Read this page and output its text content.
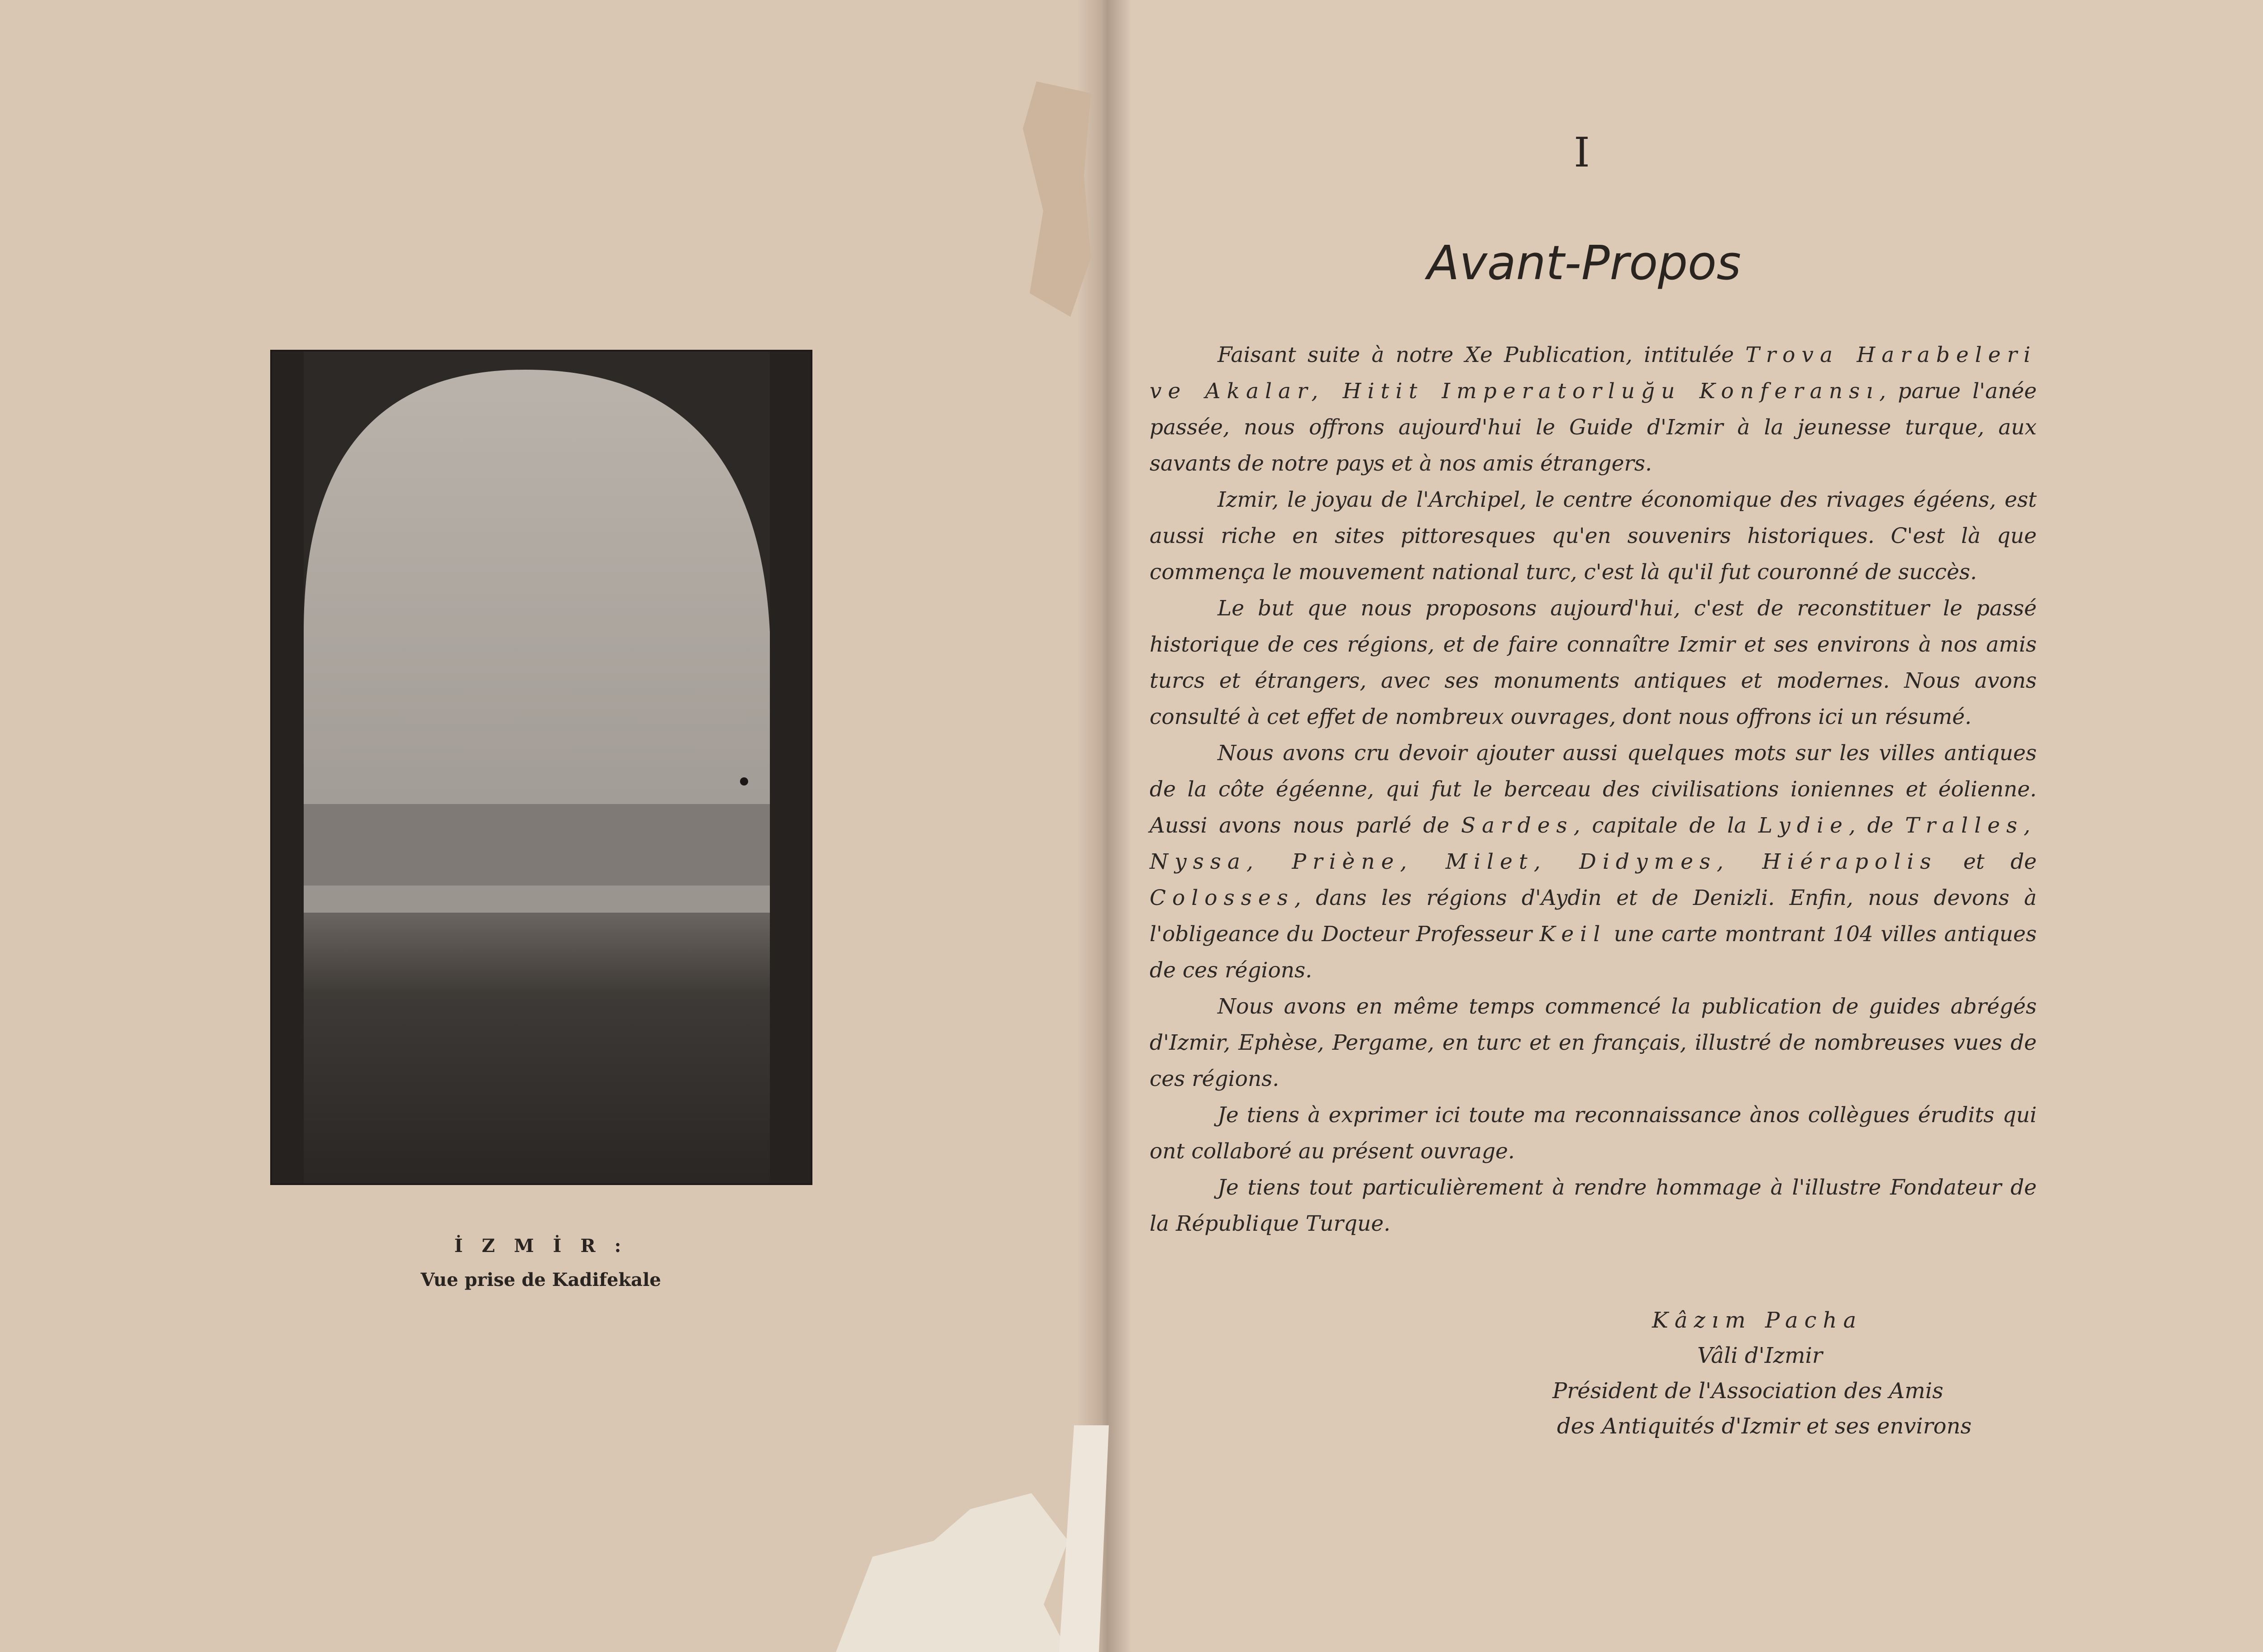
İ Z M İ R :
Vue prise de Kadifekale
I
Avant-Propos

Faisant suite à notre Xe Publication, intitulée Trova Harabeleri ve Akalar, Hitit Imperatorluğu Konferansı, parue l'anée passée, nous offrons aujourd'hui le Guide d'Izmir à la jeunesse turque, aux savants de notre pays et à nos amis étrangers.

Izmir, le joyau de l'Archipel, le centre économique des rivages égéens, est aussi riche en sites pittoresques qu'en souvenirs historiques. C'est là que commença le mouvement national turc, c'est là qu'il fut couronné de succès.

Le but que nous proposons aujourd'hui, c'est de reconstituer le passé historique de ces régions, et de faire connaître Izmir et ses environs à nos amis turcs et étrangers, avec ses monuments antiques et modernes. Nous avons consulté à cet effet de nombreux ouvrages, dont nous offrons ici un résumé.

Nous avons cru devoir ajouter aussi quelques mots sur les villes antiques de la côte égéenne, qui fut le berceau des civilisations ioniennes et éolienne. Aussi avons nous parlé de Sardes, capitale de la Lydie, de Tralles, Nyssa, Priène, Milet, Didymes, Hiérapolis et de Colosses, dans les régions d'Aydin et de Denizli. Enfin, nous devons à l'obligeance du Docteur Professeur Keil une carte montrant 104 villes antiques de ces régions.

Nous avons en même temps commencé la publication de guides abrégés d'Izmir, Ephèse, Pergame, en turc et en français, illustré de nombreuses vues de ces régions.

Je tiens à exprimer ici toute ma reconnaissance ànos collègues érudits qui ont collaboré au présent ouvrage.

Je tiens tout particulièrement à rendre hommage à l'illustre Fondateur de la République Turque.

Kâzım Pacha
Vâli d'Izmir
Président de l'Association des Amis
des Antiquités d'Izmir et ses environs
